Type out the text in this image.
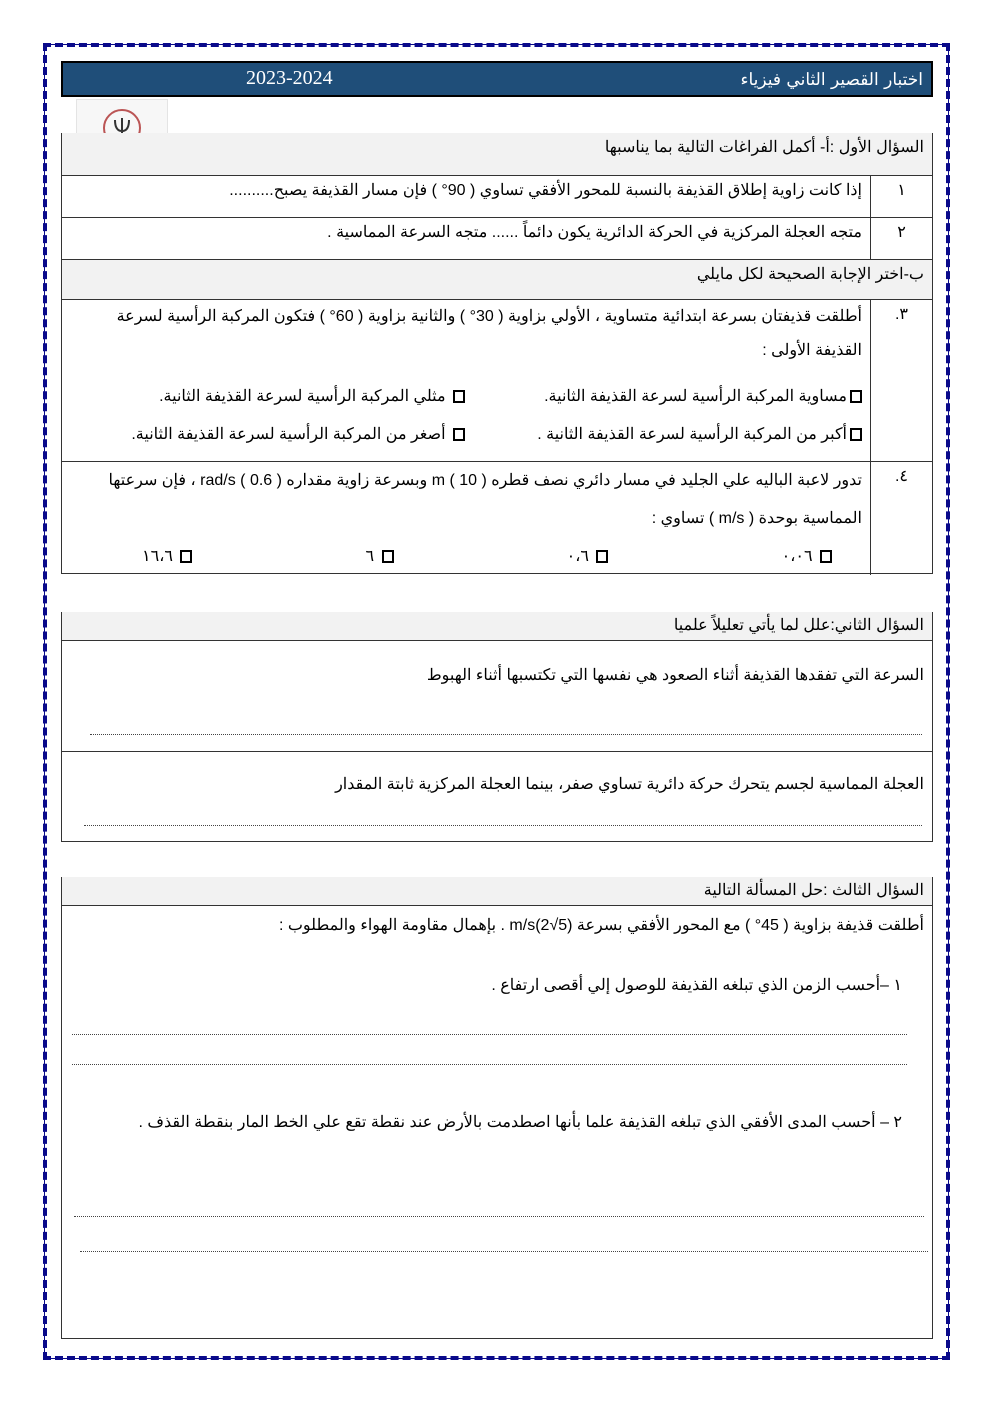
اختبار القصير الثاني فيزياء
2023-2024
السؤال الأول :أ- أكمل الفراغات التالية بما يناسبها
١
إذا كانت زاوية إطلاق القذيفة بالنسبة للمحور الأفقي تساوي ( 90° ) فإن مسار القذيفة يصبح..........
٢
متجه العجلة المركزية في الحركة الدائرية يكون دائماً ...... متجه السرعة المماسية .
ب-اختر الإجابة الصحيحة لكل مايلي
٣.
أطلقت قذيفتان بسرعة ابتدائية متساوية ، الأولي بزاوية ( 30° ) والثانية بزاوية ( 60° ) فتكون المركبة الرأسية لسرعة القذيفة الأولى :
مساوية المركبة الرأسية لسرعة القذيفة الثانية.
مثلي المركبة الرأسية لسرعة القذيفة الثانية.
أكبر من المركبة الرأسية لسرعة القذيفة الثانية .
أصغر من المركبة الرأسية لسرعة القذيفة الثانية.
٤.
تدور لاعبة الباليه علي الجليد في مسار دائري نصف قطره m ( 10 ) وبسرعة زاوية مقداره ( 0.6 ) rad/s ، فإن سرعتها المماسية بوحدة ( m/s ) تساوي :
٠،٠٦
٠،٦
٦
١٦،٦
السؤال الثاني:علل لما يأتي تعليلاً علميا
السرعة التي تفقدها القذيفة أثناء الصعود هي نفسها التي تكتسبها أثناء الهبوط
العجلة المماسية لجسم يتحرك حركة دائرية تساوي صفر، بينما العجلة المركزية ثابتة المقدار
السؤال الثالث :حل المسألة التالية
أطلقت قذيفة بزاوية ( 45° ) مع المحور الأفقي بسرعة (5√2)m/s . بإهمال مقاومة الهواء والمطلوب :
١ –أحسب الزمن الذي تبلغه القذيفة للوصول إلي أقصى ارتفاع .
٢ – أحسب المدى الأفقي الذي تبلغه القذيفة علما بأنها اصطدمت بالأرض عند نقطة تقع علي الخط المار بنقطة القذف .
